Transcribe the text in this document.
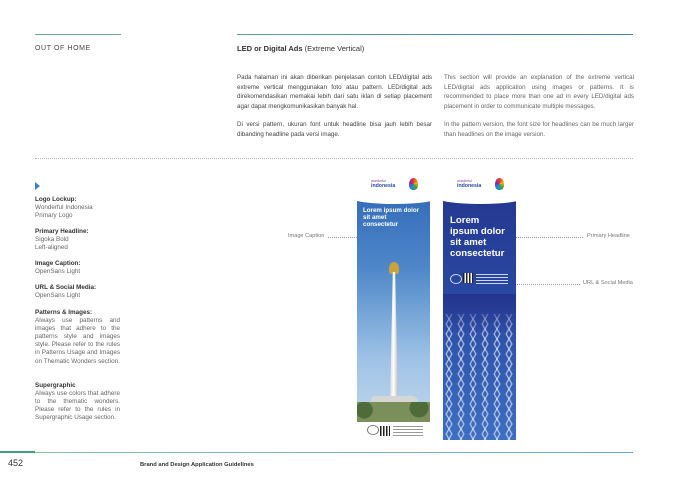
OUT OF HOME	LED or Digital Ads (Extreme Vertical)

Pada halaman ini akan diberikan penjelasan contoh LED/digital ads extreme vertical menggunakan foto atau pattern. LED/digital ads direkomendasikan memakai lebih dari satu iklan di setiap placement agar dapat mengkomunikasikan banyak hal.

Di versi pattern, ukuran font untuk headline bisa jauh lebih besar dibanding headline pada versi image.

This section will provide an explanation of the extreme vertical LED/digital ads application using images or patterns. It is recommended to place more than one ad in every LED/digital ads placement in order to communicate multiple messages.

In the pattern version, the font size for headlines can be much larger than headlines on the image version.

Logo Lockup:
Wonderful Indonesia
Primary Logo
Primary Headline:
Sigoka Bold
Left-aligned
Image Caption:
OpenSans Light
URL & Social Media:
OpenSans Light
Patterns & Images:
Always use patterns and images that adhere to the patterns style and images style. Please refer to the rules in Patterns Usage and Images on Thematic Wonders section.
Supergraphic
Always use colors that adhere to the thematic wonders. Please refer to the rules in Supergraphic Usage section.
Image Caption	Primary Headline
URL & Social Media
wonderful
indonesia
Lorem ipsum dolor sit amet consectetur
wonderful
indonesia
Lorem ipsum dolor sit amet consectetur
452	Brand and Design Application Guidelines
